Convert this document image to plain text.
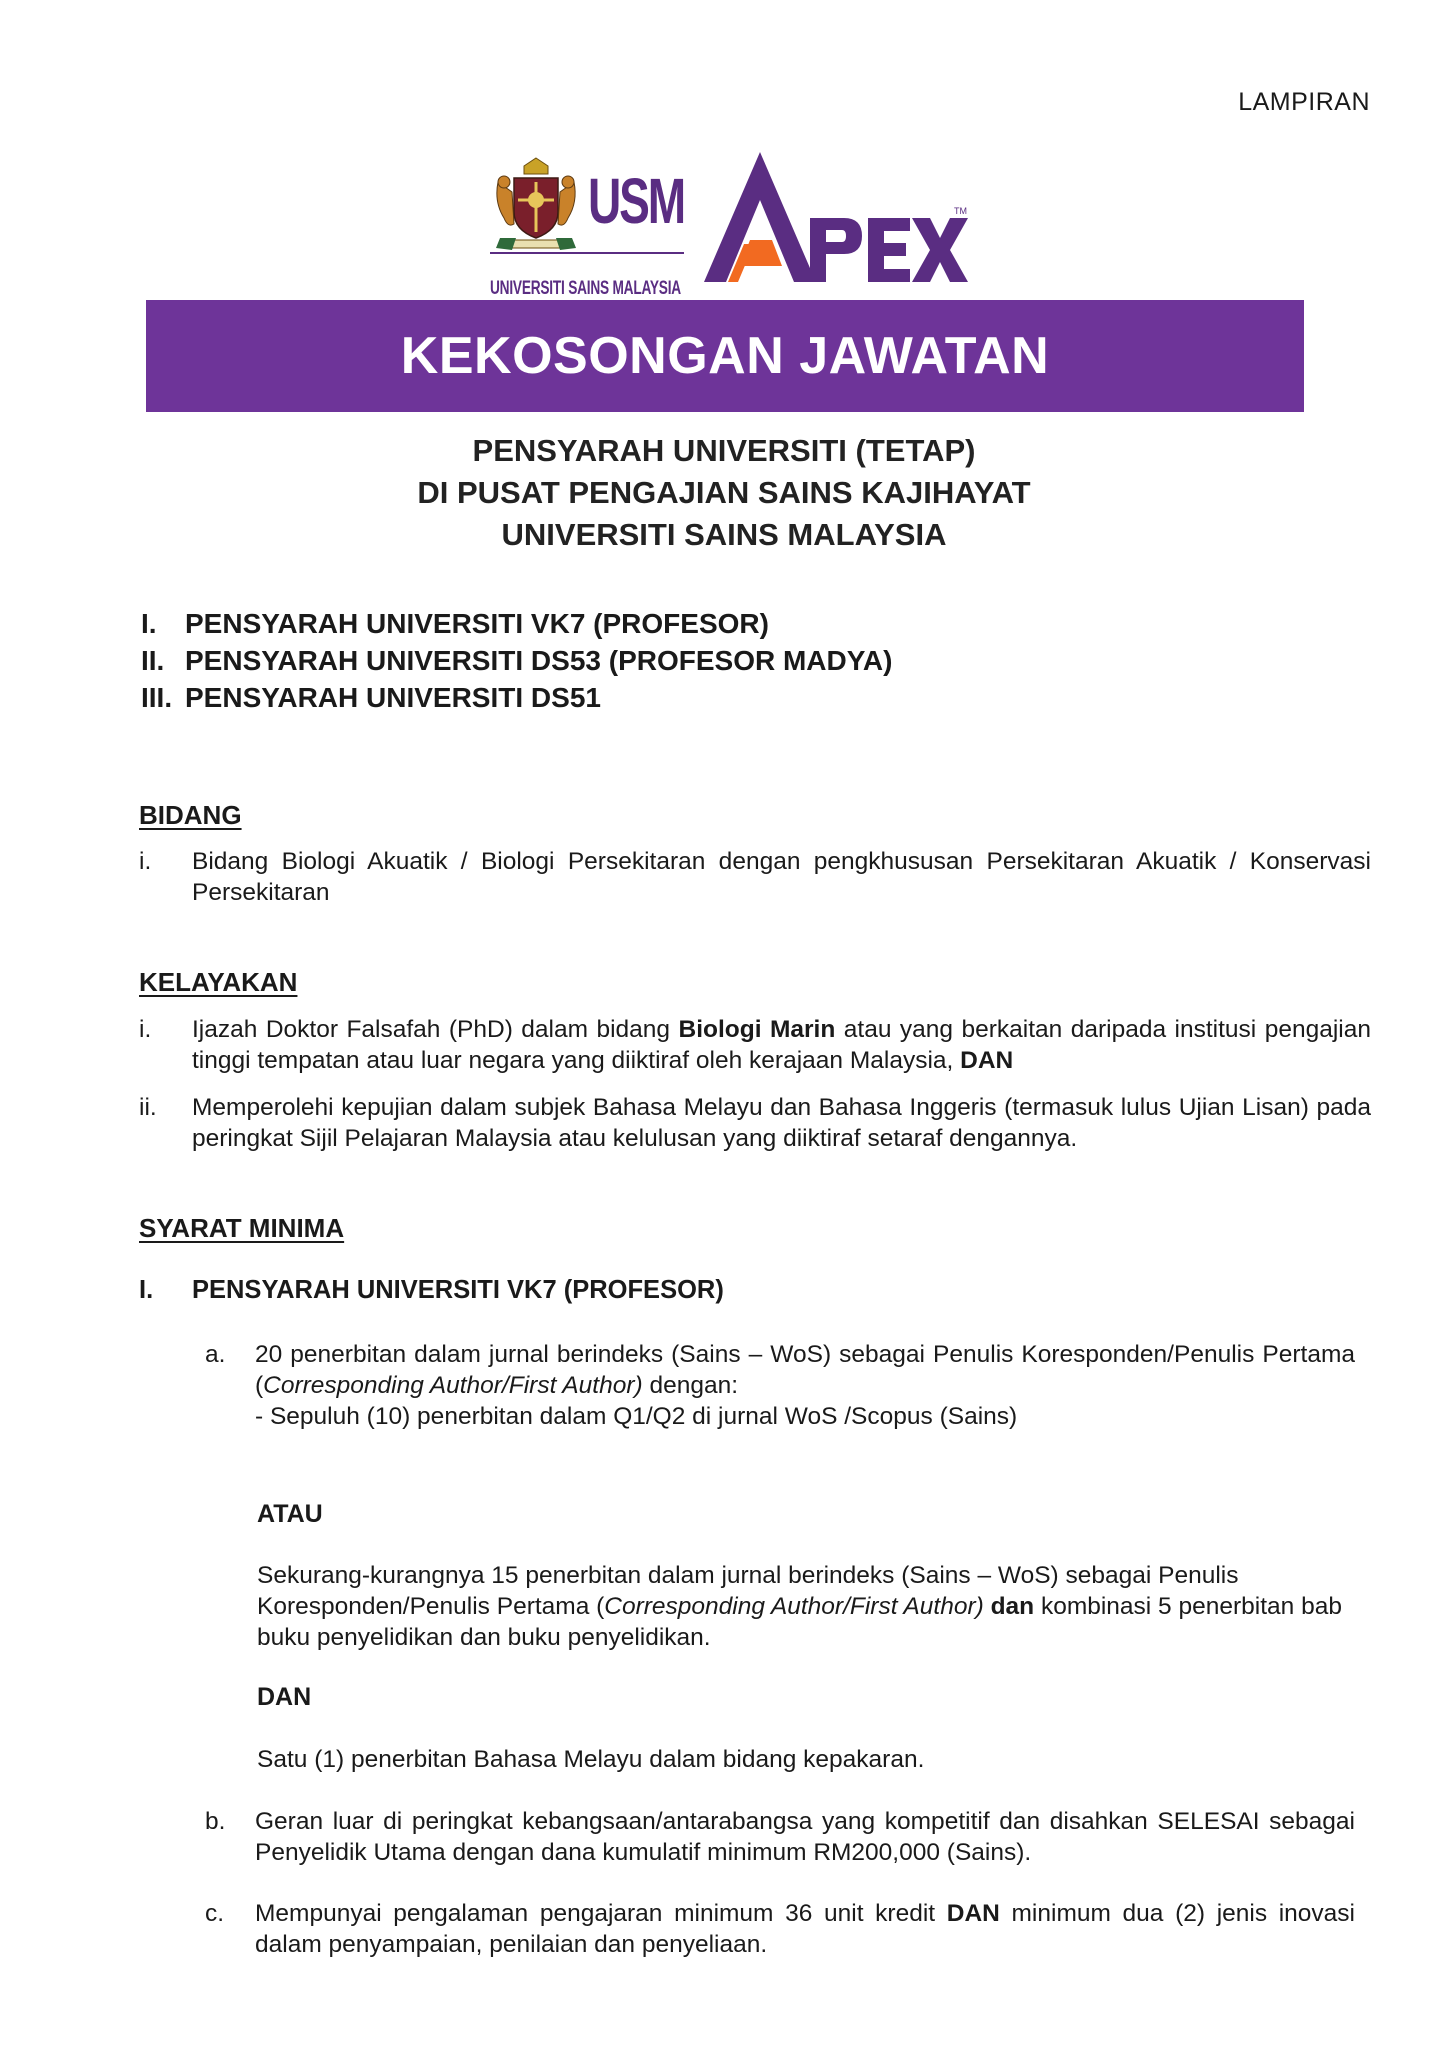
LAMPIRAN
USM
UNIVERSITI SAINS MALAYSIA
TM
KEKOSONGAN JAWATAN
PENSYARAH UNIVERSITI (TETAP)
DI PUSAT PENGAJIAN SAINS KAJIHAYAT
UNIVERSITI SAINS MALAYSIA
I.	PENSYARAH UNIVERSITI VK7 (PROFESOR)
II. PENSYARAH UNIVERSITI DS53 (PROFESOR MADYA)
III. PENSYARAH UNIVERSITI DS51
BIDANG
i.	Bidang Biologi Akuatik / Biologi Persekitaran dengan pengkhususan Persekitaran Akuatik / Konservasi Persekitaran
KELAYAKAN
i.	Ijazah Doktor Falsafah (PhD) dalam bidang Biologi Marin atau yang berkaitan daripada institusi pengajian tinggi tempatan atau luar negara yang diiktiraf oleh kerajaan Malaysia, DAN
ii.	Memperolehi kepujian dalam subjek Bahasa Melayu dan Bahasa Inggeris (termasuk lulus Ujian Lisan) pada peringkat Sijil Pelajaran Malaysia atau kelulusan yang diiktiraf setaraf dengannya.
SYARAT MINIMA
I.	PENSYARAH UNIVERSITI VK7 (PROFESOR)
a.	20 penerbitan dalam jurnal berindeks (Sains – WoS) sebagai Penulis Koresponden/Penulis Pertama (Corresponding Author/First Author) dengan:
- Sepuluh (10) penerbitan dalam Q1/Q2 di jurnal WoS /Scopus (Sains)
ATAU
Sekurang-kurangnya 15 penerbitan dalam jurnal berindeks (Sains – WoS) sebagai Penulis Koresponden/Penulis Pertama (Corresponding Author/First Author) dan kombinasi 5 penerbitan bab buku penyelidikan dan buku penyelidikan.
DAN
Satu (1) penerbitan Bahasa Melayu dalam bidang kepakaran.
b.	Geran luar di peringkat kebangsaan/antarabangsa yang kompetitif dan disahkan SELESAI sebagai Penyelidik Utama dengan dana kumulatif minimum RM200,000 (Sains).
c.	Mempunyai pengalaman pengajaran minimum 36 unit kredit DAN minimum dua (2) jenis inovasi dalam penyampaian, penilaian dan penyeliaan.
